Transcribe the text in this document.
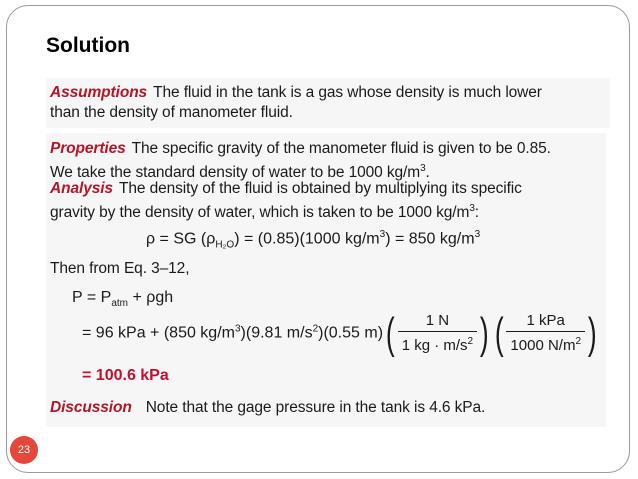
Solution
Assumptions The fluid in the tank is a gas whose density is much lower
than the density of manometer fluid.
Properties The specific gravity of the manometer fluid is given to be 0.85.
We take the standard density of water to be 1000 $kg/m^3$.
Analysis The density of the fluid is obtained by multiplying its specific
gravity by the density of water, which is taken to be 1000 $kg/m^3$:
ρ = SG $(\rho_{H_2O}) = (0.85)(1000$ $kg/m^3) = 850$ $kg/m^3$
Then from Eq. 3–12,
$P = P_{atm} + \rho gh$
= 96 kPa + (850 $kg/m^3)(9.81$ $m/s^2)(0.55$ $m)( \frac{1 N}{1 kg \cdot m/s^2}$ ) ( $\frac{\text{1 kPa}}{1000 N/m^2}$ )
= 100.6 kPa
Discussion Note that the gage pressure in the tank is 4.6 kPa.
23
